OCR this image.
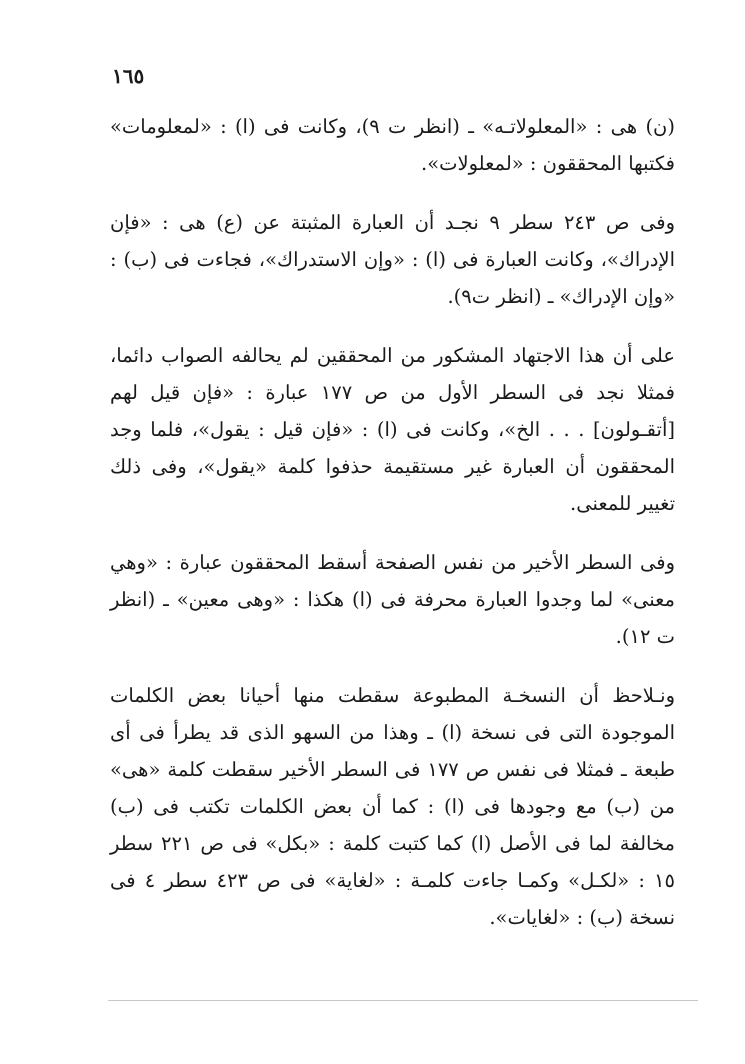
١٦٥

(ن) هى : «المعلولاتـه» ـ (انظر ت ٩)، وكانت فى (ا) : «لمعلومات» فكتبها المحققون : «لمعلولات».

وفى ص ٢٤٣ سطر ٩ نجـد أن العبارة المثبتة عن (ع) هى : «فإن الإدراك»، وكانت العبارة فى (ا) : «وإن الاستدراك»، فجاءت فى (ب) : «وإن الإدراك» ـ (انظر ت٩).

على أن هذا الاجتهاد المشكور من المحققين لم يحالفه الصواب دائما، فمثلا نجد فى السطر الأول من ص ١٧٧ عبارة : «فإن قيل لهم [أتقـولون] . . . الخ»، وكانت فى (ا) : «فإن قيل : يقول»، فلما وجد المحققون أن العبارة غير مستقيمة حذفوا كلمة «يقول»، وفى ذلك تغيير للمعنى.

وفى السطر الأخير من نفس الصفحة أسقط المحققون عبارة : «وهي معنى» لما وجدوا العبارة محرفة فى (ا) هكذا : «وهى معين» ـ (انظر ت ١٢).

ونـلاحظ أن النسخـة المطبوعة سقطت منها أحيانا بعض الكلمات الموجودة التى فى نسخة (ا) ـ وهذا من السهو الذى قد يطرأ فى أى طبعة ـ فمثلا فى نفس ص ١٧٧ فى السطر الأخير سقطت كلمة «هى» من (ب) مع وجودها فى (ا) : كما أن بعض الكلمات تكتب فى (ب) مخالفة لما فى الأصل (ا) كما كتبت كلمة : «بكل» فى ص ٢٢١ سطر ١٥ : «لكـل» وكمـا جاءت كلمـة : «لغاية» فى ص ٤٢٣ سطر ٤ فى نسخة (ب) : «لغايات».
